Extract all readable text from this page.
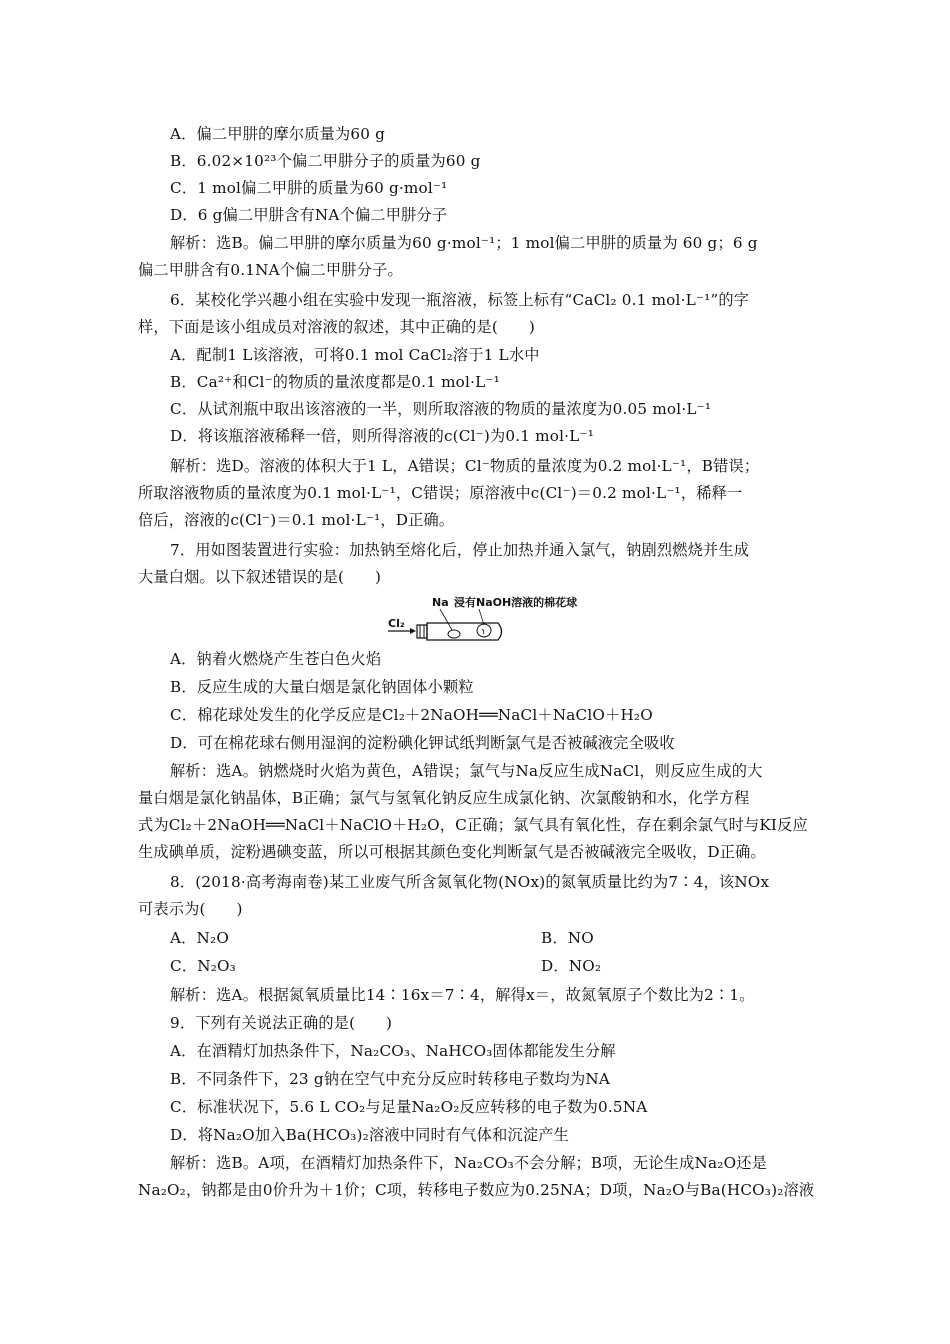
A．偏二甲肼的摩尔质量为60 g
B．6.02×10²³个偏二甲肼分子的质量为60 g
C．1 mol偏二甲肼的质量为60 g·mol⁻¹
D．6 g偏二甲肼含有NA个偏二甲肼分子
解析：选B。偏二甲肼的摩尔质量为60 g·mol⁻¹；1 mol偏二甲肼的质量为 60 g；6 g
偏二甲肼含有0.1NA个偏二甲肼分子。
6．某校化学兴趣小组在实验中发现一瓶溶液，标签上标有“CaCl₂ 0.1 mol·L⁻¹”的字
样，下面是该小组成员对溶液的叙述，其中正确的是(　　)
A．配制1 L该溶液，可将0.1 mol CaCl₂溶于1 L水中
B．Ca²⁺和Cl⁻的物质的量浓度都是0.1 mol·L⁻¹
C．从试剂瓶中取出该溶液的一半，则所取溶液的物质的量浓度为0.05 mol·L⁻¹
D．将该瓶溶液稀释一倍，则所得溶液的c(Cl⁻)为0.1 mol·L⁻¹
解析：选D。溶液的体积大于1 L，A错误；Cl⁻物质的量浓度为0.2 mol·L⁻¹，B错误；
所取溶液物质的量浓度为0.1 mol·L⁻¹，C错误；原溶液中c(Cl⁻)＝0.2 mol·L⁻¹，稀释一
倍后，溶液的c(Cl⁻)＝0.1 mol·L⁻¹，D正确。
7．用如图装置进行实验：加热钠至熔化后，停止加热并通入氯气，钠剧烈燃烧并生成
大量白烟。以下叙述错误的是(　　)
A．钠着火燃烧产生苍白色火焰
B．反应生成的大量白烟是氯化钠固体小颗粒
C．棉花球处发生的化学反应是Cl₂＋2NaOH══NaCl＋NaClO＋H₂O
D．可在棉花球右侧用湿润的淀粉碘化钾试纸判断氯气是否被碱液完全吸收
解析：选A。钠燃烧时火焰为黄色，A错误；氯气与Na反应生成NaCl，则反应生成的大
量白烟是氯化钠晶体，B正确；氯气与氢氧化钠反应生成氯化钠、次氯酸钠和水，化学方程
式为Cl₂＋2NaOH══NaCl＋NaClO＋H₂O，C正确；氯气具有氧化性，存在剩余氯气时与KI反应
生成碘单质，淀粉遇碘变蓝，所以可根据其颜色变化判断氯气是否被碱液完全吸收，D正确。
8．(2018·高考海南卷)某工业废气所含氮氧化物(NOx)的氮氧质量比约为7∶4，该NOx
可表示为(　　)
A．N₂O	B．NO
C．N₂O₃	D．NO₂
解析：选A。根据氮氧质量比14∶16x＝7∶4，解得x＝，故氮氧原子个数比为2∶1。
9．下列有关说法正确的是(　　)
A．在酒精灯加热条件下，Na₂CO₃、NaHCO₃固体都能发生分解
B．不同条件下，23 g钠在空气中充分反应时转移电子数均为NA
C．标准状况下，5.6 L CO₂与足量Na₂O₂反应转移的电子数为0.5NA
D．将Na₂O加入Ba(HCO₃)₂溶液中同时有气体和沉淀产生
解析：选B。A项，在酒精灯加热条件下，Na₂CO₃不会分解；B项，无论生成Na₂O还是
Na₂O₂，钠都是由0价升为＋1价；C项，转移电子数应为0.25NA；D项，Na₂O与Ba(HCO₃)₂溶液
Na 浸有NaOH溶液的棉花球
Cl₂
